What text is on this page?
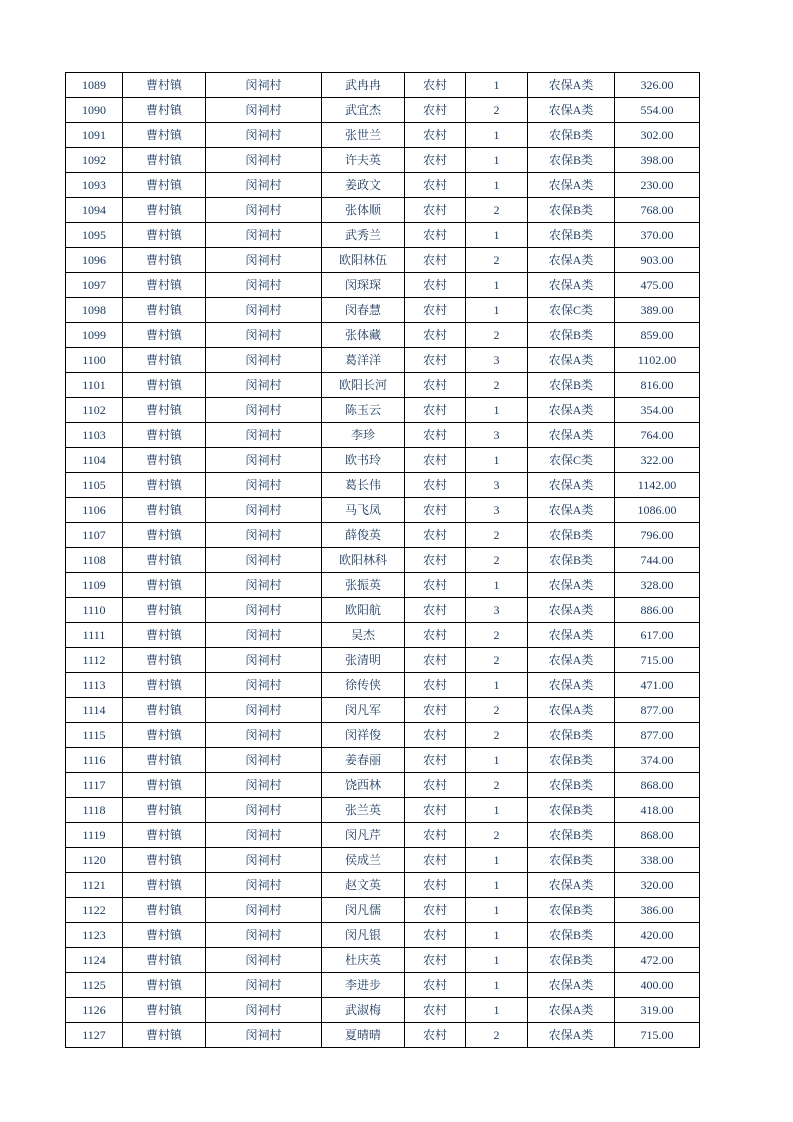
1089	曹村镇	闵祠村	武冉冉	农村	1	农保A类	326.00
1090	曹村镇	闵祠村	武宜杰	农村	2	农保A类	554.00
1091	曹村镇	闵祠村	张世兰	农村	1	农保B类	302.00
1092	曹村镇	闵祠村	许夫英	农村	1	农保B类	398.00
1093	曹村镇	闵祠村	姜政文	农村	1	农保A类	230.00
1094	曹村镇	闵祠村	张体顺	农村	2	农保B类	768.00
1095	曹村镇	闵祠村	武秀兰	农村	1	农保B类	370.00
1096	曹村镇	闵祠村	欧阳林伍	农村	2	农保A类	903.00
1097	曹村镇	闵祠村	闵琛琛	农村	1	农保A类	475.00
1098	曹村镇	闵祠村	闵春慧	农村	1	农保C类	389.00
1099	曹村镇	闵祠村	张体藏	农村	2	农保B类	859.00
1100	曹村镇	闵祠村	葛洋洋	农村	3	农保A类	1102.00
1101	曹村镇	闵祠村	欧阳长河	农村	2	农保B类	816.00
1102	曹村镇	闵祠村	陈玉云	农村	1	农保A类	354.00
1103	曹村镇	闵祠村	李珍	农村	3	农保A类	764.00
1104	曹村镇	闵祠村	欧书玲	农村	1	农保C类	322.00
1105	曹村镇	闵祠村	葛长伟	农村	3	农保A类	1142.00
1106	曹村镇	闵祠村	马飞凤	农村	3	农保A类	1086.00
1107	曹村镇	闵祠村	薛俊英	农村	2	农保B类	796.00
1108	曹村镇	闵祠村	欧阳林科	农村	2	农保B类	744.00
1109	曹村镇	闵祠村	张振英	农村	1	农保A类	328.00
1110	曹村镇	闵祠村	欧阳航	农村	3	农保A类	886.00
1111	曹村镇	闵祠村	吴杰	农村	2	农保A类	617.00
1112	曹村镇	闵祠村	张清明	农村	2	农保A类	715.00
1113	曹村镇	闵祠村	徐传侠	农村	1	农保A类	471.00
1114	曹村镇	闵祠村	闵凡军	农村	2	农保A类	877.00
1115	曹村镇	闵祠村	闵祥俊	农村	2	农保B类	877.00
1116	曹村镇	闵祠村	姜春丽	农村	1	农保B类	374.00
1117	曹村镇	闵祠村	饶西林	农村	2	农保B类	868.00
1118	曹村镇	闵祠村	张兰英	农村	1	农保B类	418.00
1119	曹村镇	闵祠村	闵凡芹	农村	2	农保B类	868.00
1120	曹村镇	闵祠村	侯成兰	农村	1	农保B类	338.00
1121	曹村镇	闵祠村	赵文英	农村	1	农保A类	320.00
1122	曹村镇	闵祠村	闵凡儒	农村	1	农保B类	386.00
1123	曹村镇	闵祠村	闵凡银	农村	1	农保B类	420.00
1124	曹村镇	闵祠村	杜庆英	农村	1	农保B类	472.00
1125	曹村镇	闵祠村	李进步	农村	1	农保A类	400.00
1126	曹村镇	闵祠村	武淑梅	农村	1	农保A类	319.00
1127	曹村镇	闵祠村	夏晴晴	农村	2	农保A类	715.00
